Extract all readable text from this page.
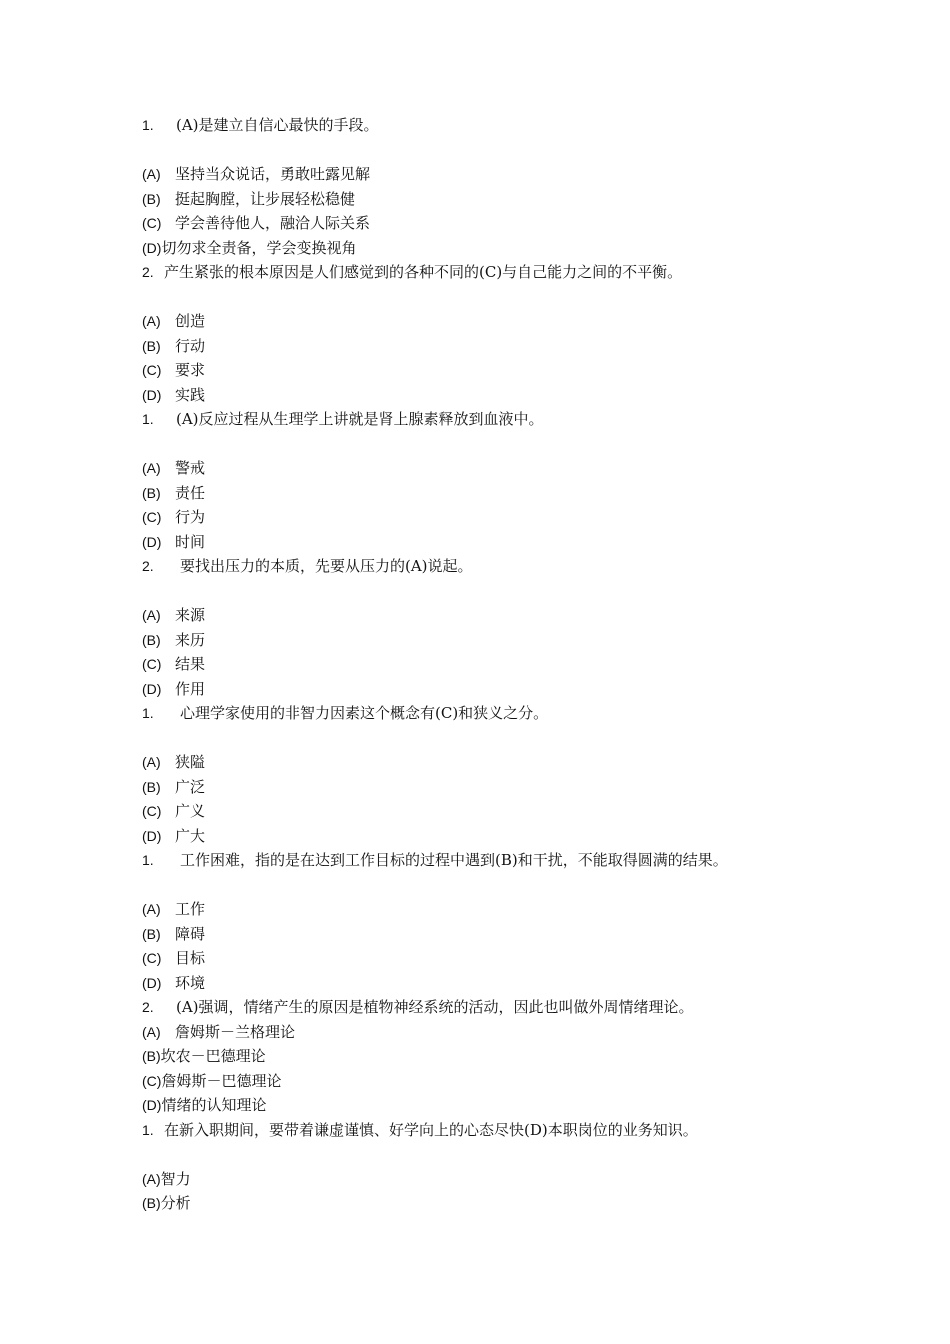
1. (A)是建立自信心最快的手段。
(A) 坚持当众说话，勇敢吐露见解
(B) 挺起胸膛，让步展轻松稳健
(C) 学会善待他人，融洽人际关系
(D)切勿求全责备，学会变换视角
2. 产生紧张的根本原因是人们感觉到的各种不同的(C)与自己能力之间的不平衡。
(A) 创造
(B) 行动
(C) 要求
(D) 实践
1. (A)反应过程从生理学上讲就是肾上腺素释放到血液中。
(A) 警戒
(B) 责任
(C) 行为
(D) 时间
2. 要找出压力的本质，先要从压力的(A)说起。
(A) 来源
(B) 来历
(C) 结果
(D) 作用
1. 心理学家使用的非智力因素这个概念有(C)和狭义之分。
(A) 狭隘
(B) 广泛
(C) 广义
(D) 广大
1. 工作困难，指的是在达到工作目标的过程中遇到(B)和干扰，不能取得圆满的结果。
(A) 工作
(B) 障碍
(C) 目标
(D) 环境
2. (A)强调，情绪产生的原因是植物神经系统的活动，因此也叫做外周情绪理论。
(A) 詹姆斯－兰格理论
(B)坎农－巴德理论
(C)詹姆斯－巴德理论
(D)情绪的认知理论
1. 在新入职期间，要带着谦虚谨慎、好学向上的心态尽快(D)本职岗位的业务知识。
(A)智力
(B)分析
